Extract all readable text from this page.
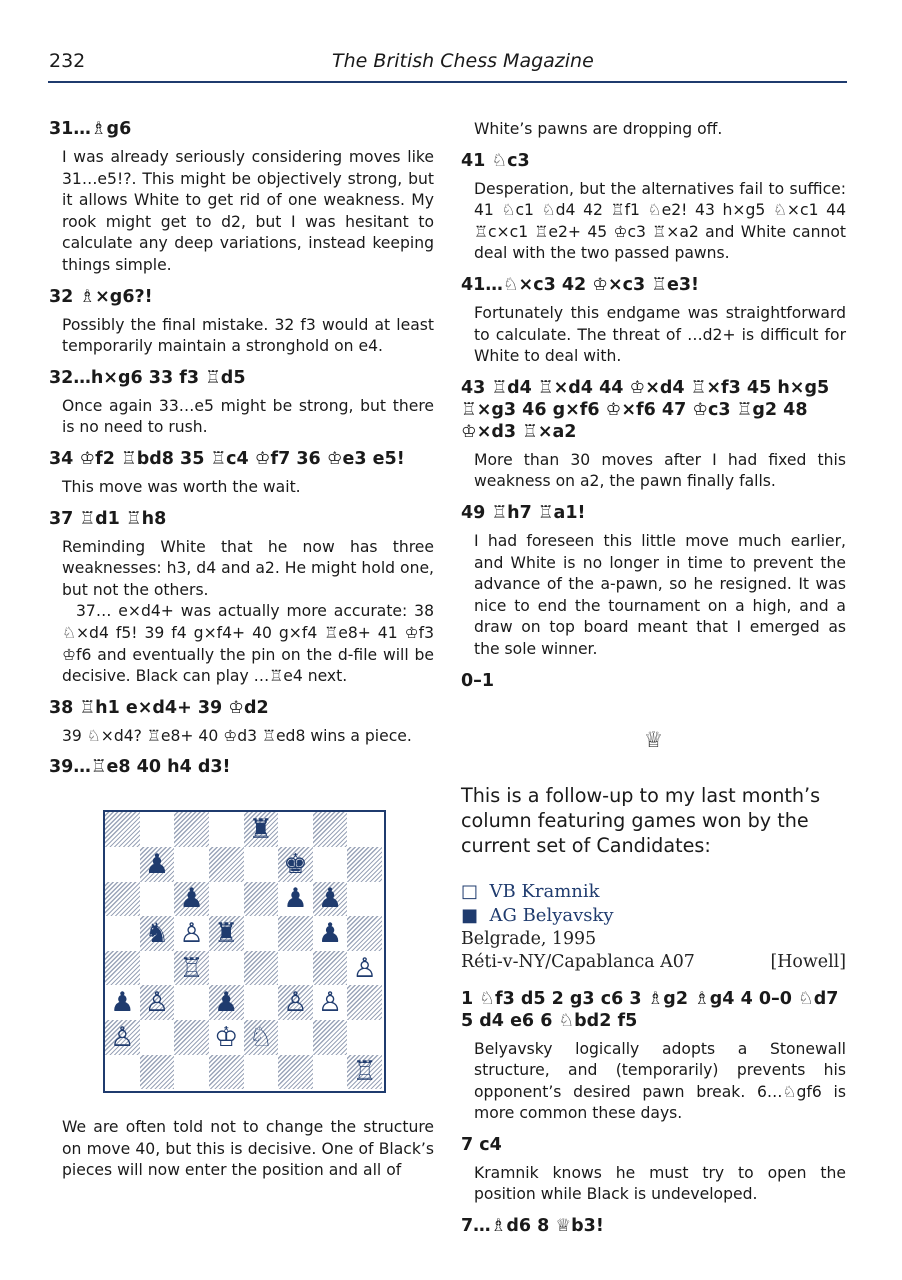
232	The British Chess Magazine
31…♗g6
I was already seriously considering moves like 31…e5!?. This might be objectively strong, but it allows White to get rid of one weakness. My rook might get to d2, but I was hesitant to calculate any deep variations, instead keeping things simple.
32 ♗×g6?!
Possibly the final mistake. 32 f3 would at least temporarily maintain a stronghold on e4.
32…h×g6 33 f3 ♖d5
Once again 33…e5 might be strong, but there is no need to rush.
34 ♔f2 ♖bd8 35 ♖c4 ♔f7 36 ♔e3 e5!
This move was worth the wait.
37 ♖d1 ♖h8
Reminding White that he now has three weaknesses: h3, d4 and a2. He might hold one, but not the others.
37… e×d4+ was actually more accurate: 38 ♘×d4 f5! 39 f4 g×f4+ 40 g×f4 ♖e8+ 41 ♔f3 ♔f6 and eventually the pin on the d-file will be decisive. Black can play …♖e4 next.
38 ♖h1 e×d4+ 39 ♔d2
39 ♘×d4? ♖e8+ 40 ♔d3 ♖ed8 wins a piece.
39…♖e8 40 h4 d3!
♜
♟	♚
♟	♟ ♟
♞ ♙ ♜	♟
♖	♙
♟ ♙ ♟ ♙ ♙
♙	♔ ♘
♖
We are often told not to change the structure on move 40, but this is decisive. One of Black’s pieces will now enter the position and all of
White’s pawns are dropping off.
41 ♘c3
Desperation, but the alternatives fail to suffice: 41 ♘c1 ♘d4 42 ♖f1 ♘e2! 43 h×g5 ♘×c1 44 ♖c×c1 ♖e2+ 45 ♔c3 ♖×a2 and White cannot deal with the two passed pawns.
41…♘×c3 42 ♔×c3 ♖e3!
Fortunately this endgame was straightforward to calculate. The threat of …d2+ is difficult for White to deal with.
43 ♖d4 ♖×d4 44 ♔×d4 ♖×f3 45 h×g5 ♖×g3 46 g×f6 ♔×f6 47 ♔c3 ♖g2 48 ♔×d3 ♖×a2
More than 30 moves after I had fixed this weakness on a2, the pawn finally falls.
49 ♖h7 ♖a1!
I had foreseen this little move much earlier, and White is no longer in time to prevent the advance of the a-pawn, so he resigned. It was nice to end the tournament on a high, and a draw on top board meant that I emerged as the sole winner.
0–1
♕
This is a follow-up to my last month’s column featuring games won by the current set of Candidates:
□ VB Kramnik
■ AG Belyavsky
Belgrade, 1995
Réti-v-NY/Capablanca A07	[Howell]
1 ♘f3 d5 2 g3 c6 3 ♗g2 ♗g4 4 0–0 ♘d7 5 d4 e6 6 ♘bd2 f5
Belyavsky logically adopts a Stonewall structure, and (temporarily) prevents his opponent’s desired pawn break. 6…♘gf6 is more common these days.
7 c4
Kramnik knows he must try to open the position while Black is undeveloped.
7…♗d6 8 ♕b3!
